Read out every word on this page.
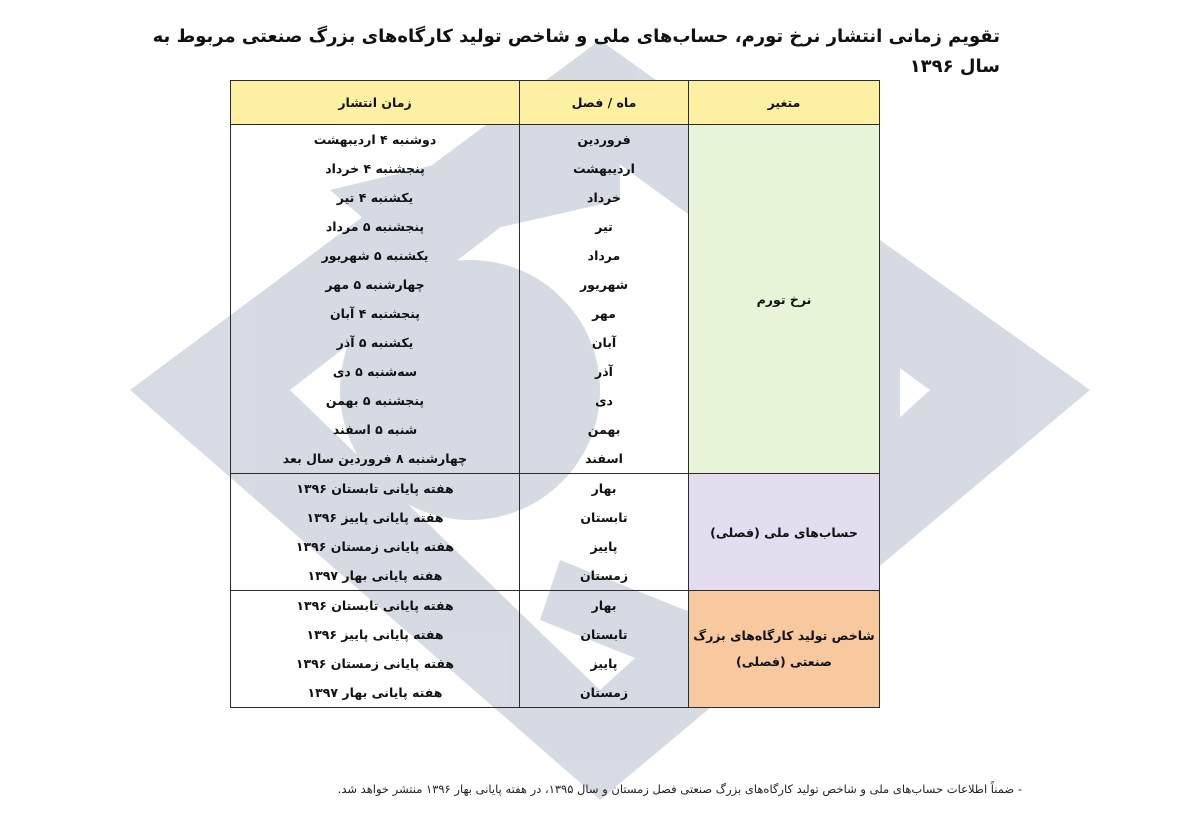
تقویم زمانی انتشار نرخ تورم، حساب‌های ملی و شاخص تولید کارگاه‌های بزرگ صنعتی مربوط به سال ۱۳۹۶
متغیر	ماه / فصل	زمان انتشار
نرخ تورم	فروردین	دوشنبه ۴ اردیبهشت
	اردیبهشت	پنجشنبه ۴ خرداد
	خرداد	یکشنبه ۴ تیر
	تیر	پنجشنبه ۵ مرداد
	مرداد	یکشنبه ۵ شهریور
	شهریور	چهارشنبه ۵ مهر
	مهر	پنجشنبه ۴ آبان
	آبان	یکشنبه ۵ آذر
	آذر	سه‌شنبه ۵ دی
	دی	پنجشنبه ۵ بهمن
	بهمن	شنبه ۵ اسفند
	اسفند	چهارشنبه ۸ فروردین سال بعد
حساب‌های ملی (فصلی)	بهار	هفته پایانی تابستان ۱۳۹۶
	تابستان	هفته پایانی پاییز ۱۳۹۶
	پاییز	هفته پایانی زمستان ۱۳۹۶
	زمستان	هفته پایانی بهار ۱۳۹۷
شاخص تولید کارگاه‌های بزرگ صنعتی (فصلی)	بهار	هفته پایانی تابستان ۱۳۹۶
	تابستان	هفته پایانی پاییز ۱۳۹۶
	پاییز	هفته پایانی زمستان ۱۳۹۶
	زمستان	هفته پایانی بهار ۱۳۹۷
- ضمناً اطلاعات حساب‌های ملی و شاخص تولید کارگاه‌های بزرگ صنعتی فصل زمستان و سال ۱۳۹۵، در هفته پایانی بهار ۱۳۹۶ منتشر خواهد شد.
